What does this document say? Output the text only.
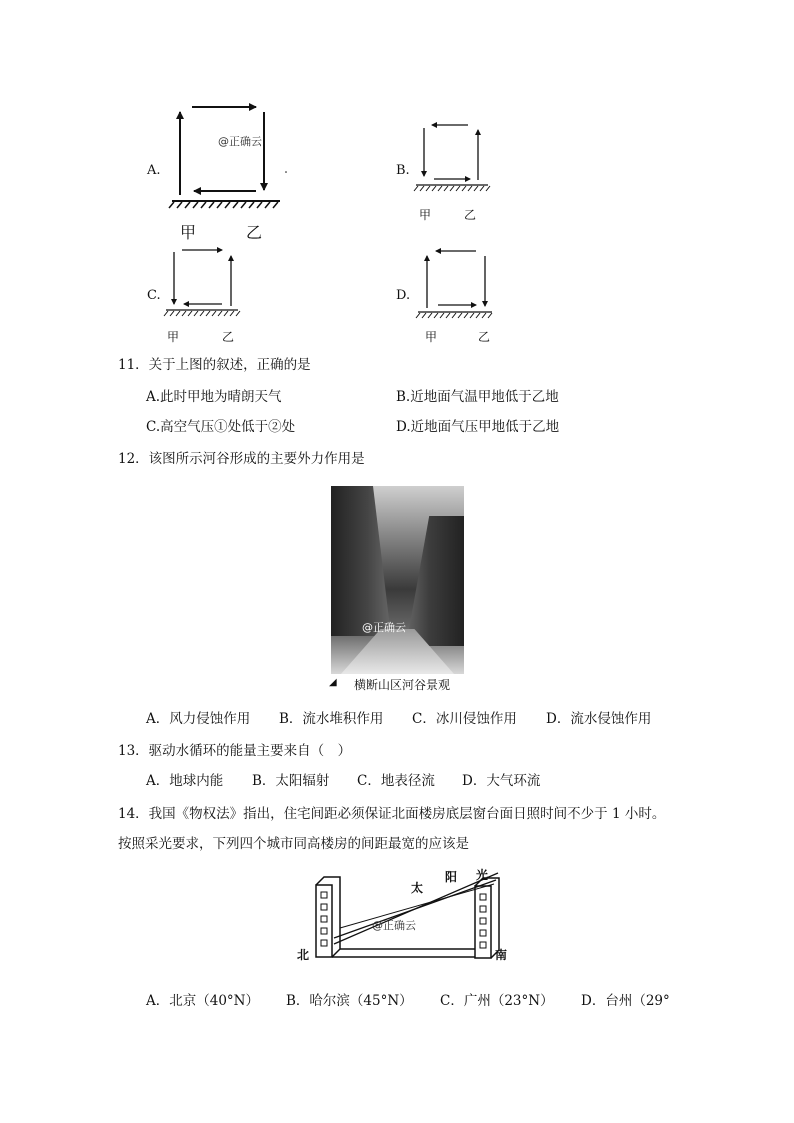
A.
@正确云
甲	乙
B.
甲	乙
C.
甲	乙
D.
甲	乙
11．关于上图的叙述，正确的是
A.此时甲地为晴朗天气	B.近地面气温甲地低于乙地
C.高空气压①处低于②处	D.近地面气压甲地低于乙地
12．该图所示河谷形成的主要外力作用是
@正确云
◢ 横断山区河谷景观
A．风力侵蚀作用 B．流水堆积作用 C．冰川侵蚀作用 D．流水侵蚀作用
13．驱动水循环的能量主要来自（　）
A．地球内能 B．太阳辐射 C．地表径流 D．大气环流
14．我国《物权法》指出，住宅间距必须保证北面楼房底层窗台面日照时间不少于 1 小时。
按照采光要求，下列四个城市同高楼房的间距最宽的应该是
太
阳 光
@正确云
北	南
A．北京（40°N） B．哈尔滨（45°N） C．广州（23°N） D．台州（29°
